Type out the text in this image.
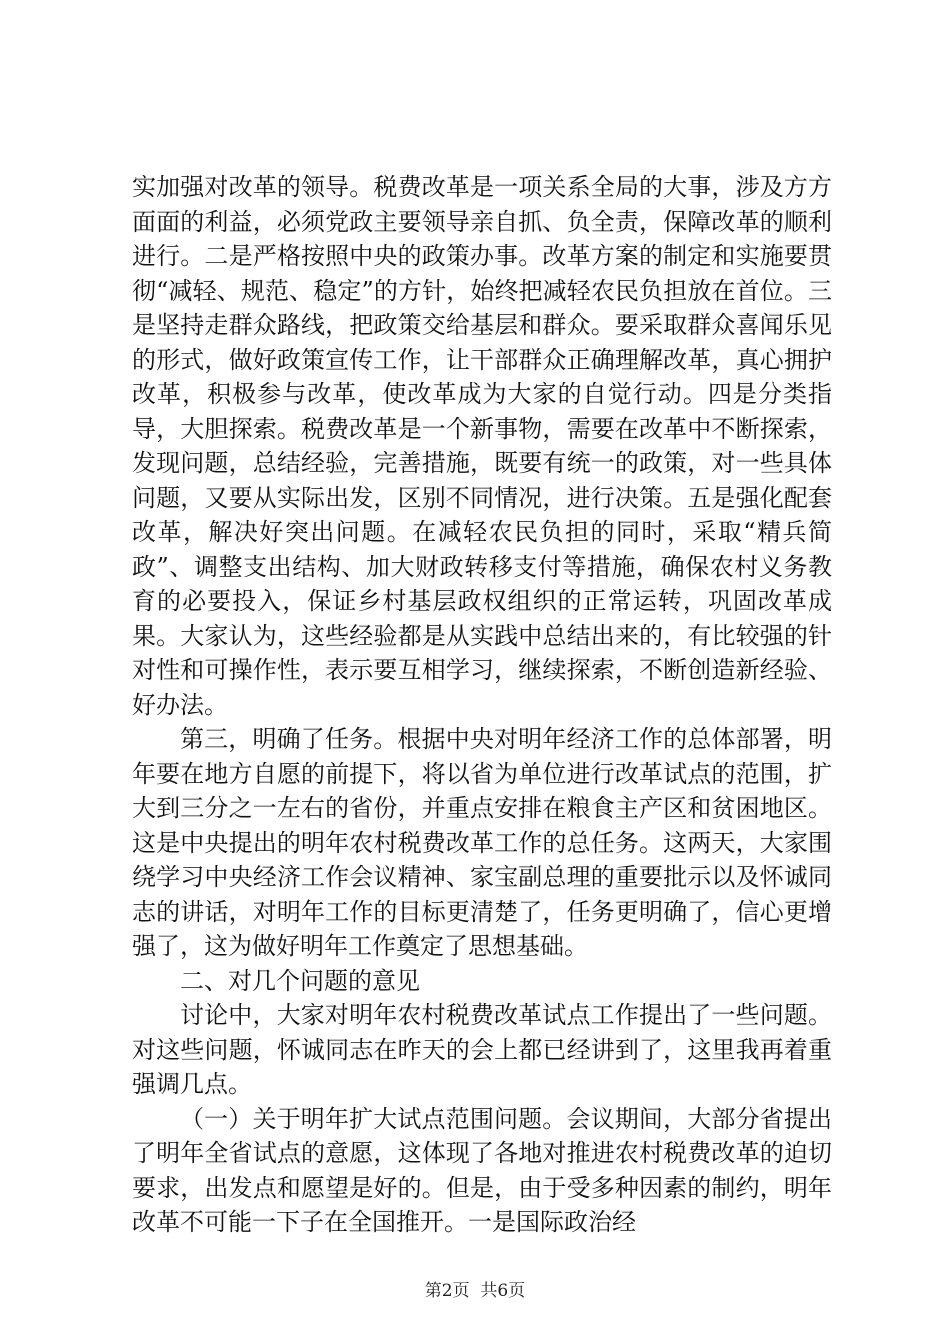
实加强对改革的领导。税费改革是一项关系全局的大事，涉及方方面面的利益，必须党政主要领导亲自抓、负全责，保障改革的顺利进行。二是严格按照中央的政策办事。改革方案的制定和实施要贯彻“减轻、规范、稳定”的方针，始终把减轻农民负担放在首位。三是坚持走群众路线，把政策交给基层和群众。要采取群众喜闻乐见的形式，做好政策宣传工作，让干部群众正确理解改革，真心拥护改革，积极参与改革，使改革成为大家的自觉行动。四是分类指导，大胆探索。税费改革是一个新事物，需要在改革中不断探索，发现问题，总结经验，完善措施，既要有统一的政策，对一些具体问题，又要从实际出发，区别不同情况，进行决策。五是强化配套改革，解决好突出问题。在减轻农民负担的同时，采取“精兵简政”、调整支出结构、加大财政转移支付等措施，确保农村义务教育的必要投入，保证乡村基层政权组织的正常运转，巩固改革成果。大家认为，这些经验都是从实践中总结出来的，有比较强的针对性和可操作性，表示要互相学习，继续探索，不断创造新经验、好办法。

第三，明确了任务。根据中央对明年经济工作的总体部署，明年要在地方自愿的前提下，将以省为单位进行改革试点的范围，扩大到三分之一左右的省份，并重点安排在粮食主产区和贫困地区。这是中央提出的明年农村税费改革工作的总任务。这两天，大家围绕学习中央经济工作会议精神、家宝副总理的重要批示以及怀诚同志的讲话，对明年工作的目标更清楚了，任务更明确了，信心更增强了，这为做好明年工作奠定了思想基础。

二、对几个问题的意见

讨论中，大家对明年农村税费改革试点工作提出了一些问题。对这些问题，怀诚同志在昨天的会上都已经讲到了，这里我再着重强调几点。

（一）关于明年扩大试点范围问题。会议期间，大部分省提出了明年全省试点的意愿，这体现了各地对推进农村税费改革的迫切要求，出发点和愿望是好的。但是，由于受多种因素的制约，明年改革不可能一下子在全国推开。一是国际政治经

第2页  共6页
